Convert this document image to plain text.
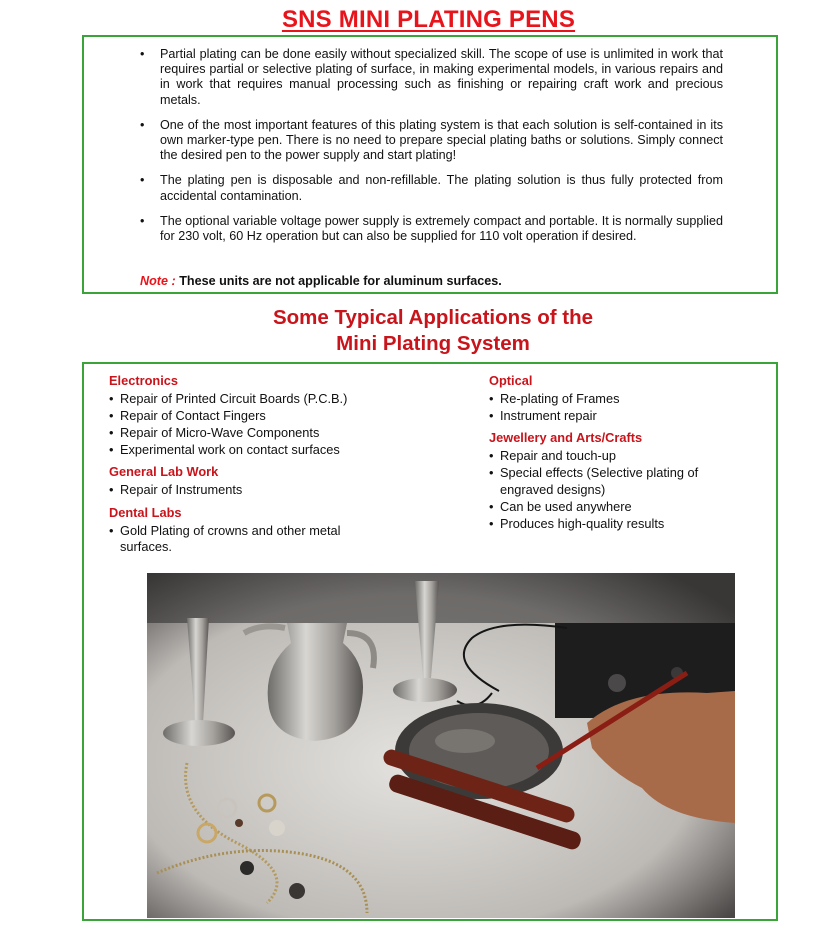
SNS MINI PLATING PENS
• Partial plating can be done easily without specialized skill. The scope of use is unlimited in work that requires partial or selective plating of surface, in making experimental models, in various repairs and in work that requires manual processing such as finishing or repairing craft work and precious metals.
• One of the most important features of this plating system is that each solution is self-contained in its own marker-type pen. There is no need to prepare special plating baths or solutions. Simply connect the desired pen to the power supply and start plating!
• The plating pen is disposable and non-refillable. The plating solution is thus fully protected from accidental contamination.
• The optional variable voltage power supply is extremely compact and portable. It is normally supplied for 230 volt, 60 Hz operation but can also be supplied for 110 volt operation if desired.
Note : These units are not applicable for aluminum surfaces.
Some Typical Applications of the
Mini Plating System
Electronics
• Repair of Printed Circuit Boards (P.C.B.)
• Repair of Contact Fingers
• Repair of Micro-Wave Components
• Experimental work on contact surfaces
General Lab Work
• Repair of Instruments
Dental Labs
• Gold Plating of crowns and other metal surfaces.
Optical
• Re-plating of Frames
• Instrument repair
Jewellery and Arts/Crafts
• Repair and touch-up
• Special effects (Selective plating of engraved designs)
• Can be used anywhere
• Produces high-quality results
